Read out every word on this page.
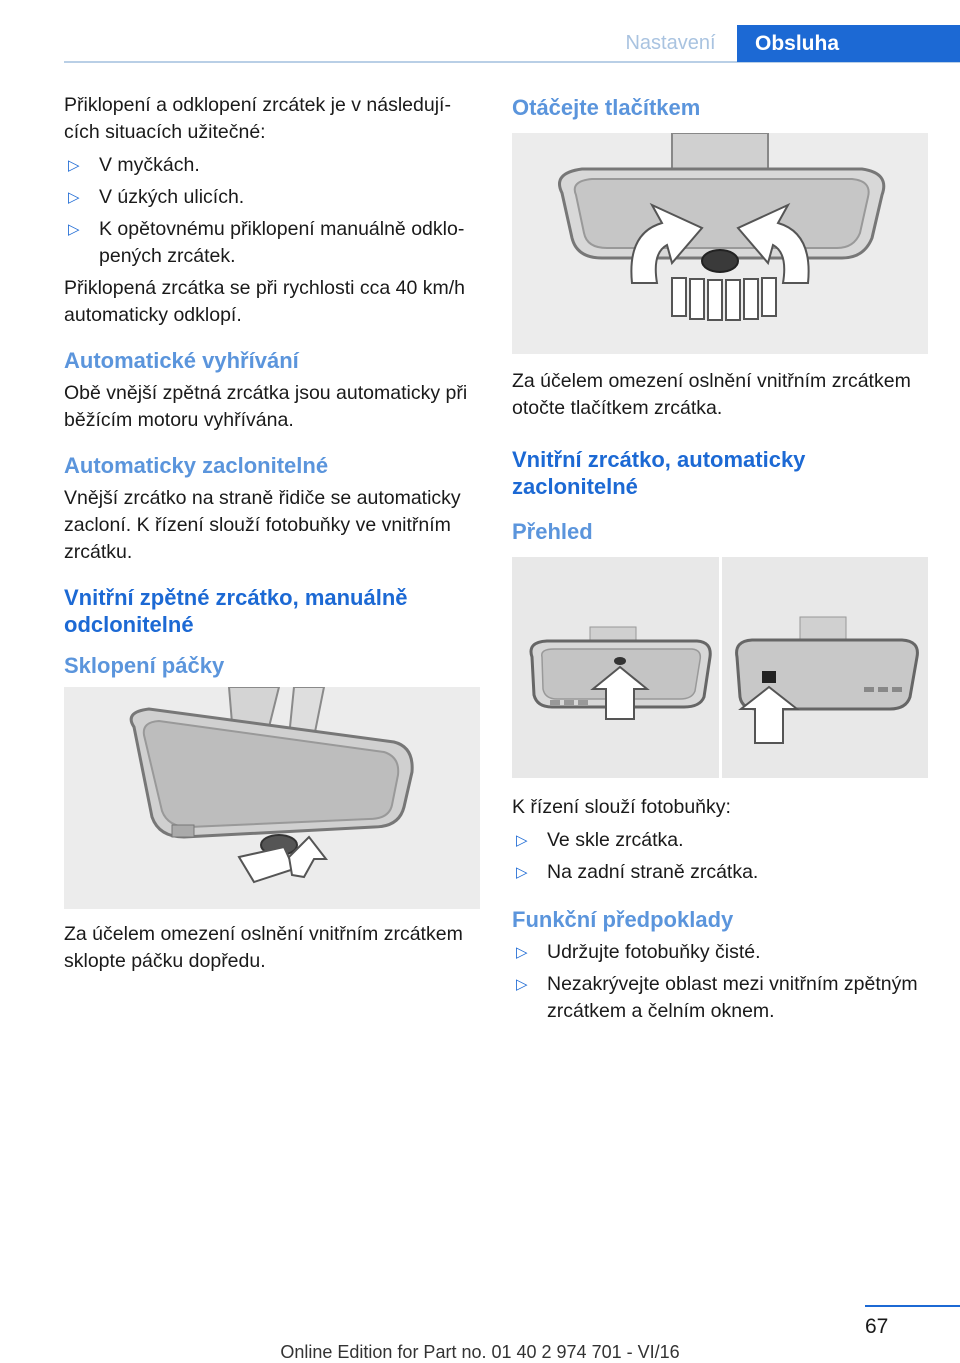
Nastavení	Obsluha

Přiklopení a odklopení zrcátek je v následujících situacích užitečné:

▷ V myčkách.
▷ V úzkých ulicích.
▷ K opětovnému přiklopení manuálně odklopených zrcátek.

Přiklopená zrcátka se při rychlosti cca 40 km/h automaticky odklopí.

Automatické vyhřívání

Obě vnější zpětná zrcátka jsou automaticky při běžícím motoru vyhřívána.

Automaticky zaclonitelné

Vnější zrcátko na straně řidiče se automaticky zacloní. K řízení slouží fotobuňky ve vnitřním zrcátku.

Vnitřní zpětné zrcátko, manuálně odclonitelné
Sklopení páčky

Za účelem omezení oslnění vnitřním zrcátkem sklopte páčku dopředu.

Otáčejte tlačítkem

Za účelem omezení oslnění vnitřním zrcátkem otočte tlačítkem zrcátka.

Vnitřní zrcátko, automaticky zaclonitelné
Přehled

K řízení slouží fotobuňky:

▷ Ve skle zrcátka.
▷ Na zadní straně zrcátka.
Funkční předpoklady
▷ Udržujte fotobuňky čisté.
▷ Nezakrývejte oblast mezi vnitřním zpětným zrcátkem a čelním oknem.
67
Online Edition for Part no. 01 40 2 974 701 - VI/16
